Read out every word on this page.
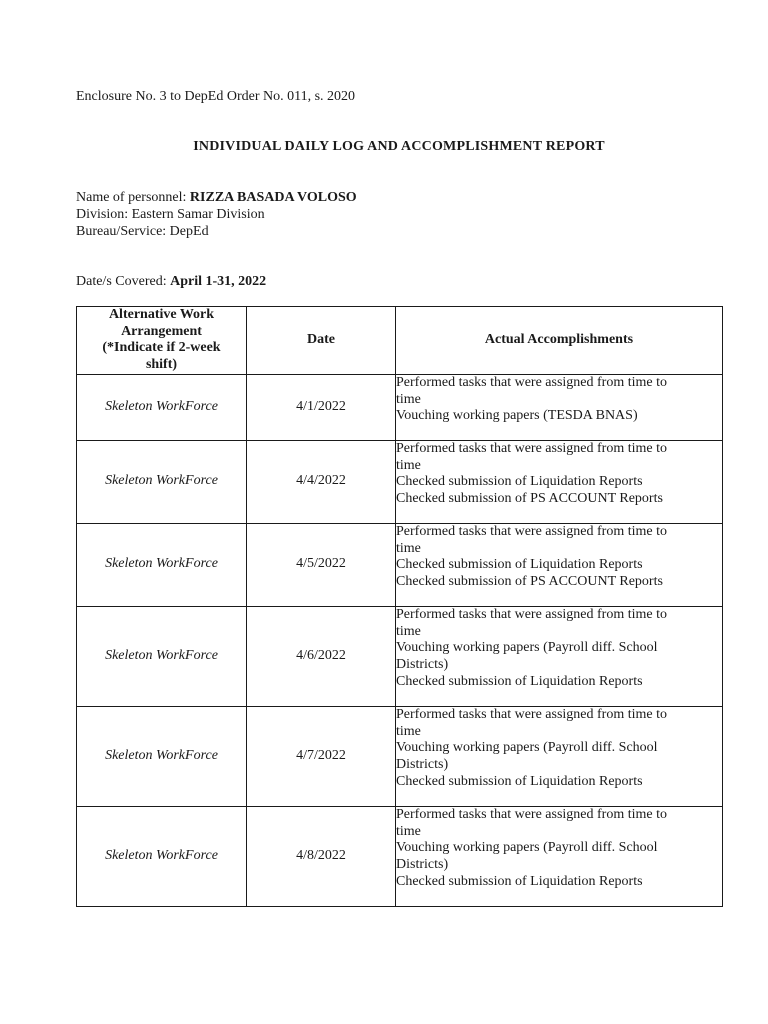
Enclosure No. 3 to DepEd Order No. 011, s. 2020
INDIVIDUAL DAILY LOG AND ACCOMPLISHMENT REPORT
Name of personnel: RIZZA BASADA VOLOSO
Division: Eastern Samar Division
Bureau/Service: DepEd
Date/s Covered: April 1-31, 2022
Alternative Work
Arrangement
(*Indicate if 2-week
shift)	Date	Actual Accomplishments
Skeleton WorkForce	4/1/2022	Performed tasks that were assigned from time to
time
Vouching working papers (TESDA BNAS)

Skeleton WorkForce	4/4/2022	Performed tasks that were assigned from time to
time
Checked submission of Liquidation Reports
Checked submission of PS ACCOUNT Reports

Skeleton WorkForce	4/5/2022	Performed tasks that were assigned from time to
time
Checked submission of Liquidation Reports
Checked submission of PS ACCOUNT Reports

Skeleton WorkForce	4/6/2022	Performed tasks that were assigned from time to
time
Vouching working papers (Payroll diff. School
Districts)
Checked submission of Liquidation Reports

Skeleton WorkForce	4/7/2022	Performed tasks that were assigned from time to
time
Vouching working papers (Payroll diff. School
Districts)
Checked submission of Liquidation Reports

Skeleton WorkForce	4/8/2022	Performed tasks that were assigned from time to
time
Vouching working papers (Payroll diff. School
Districts)
Checked submission of Liquidation Reports
